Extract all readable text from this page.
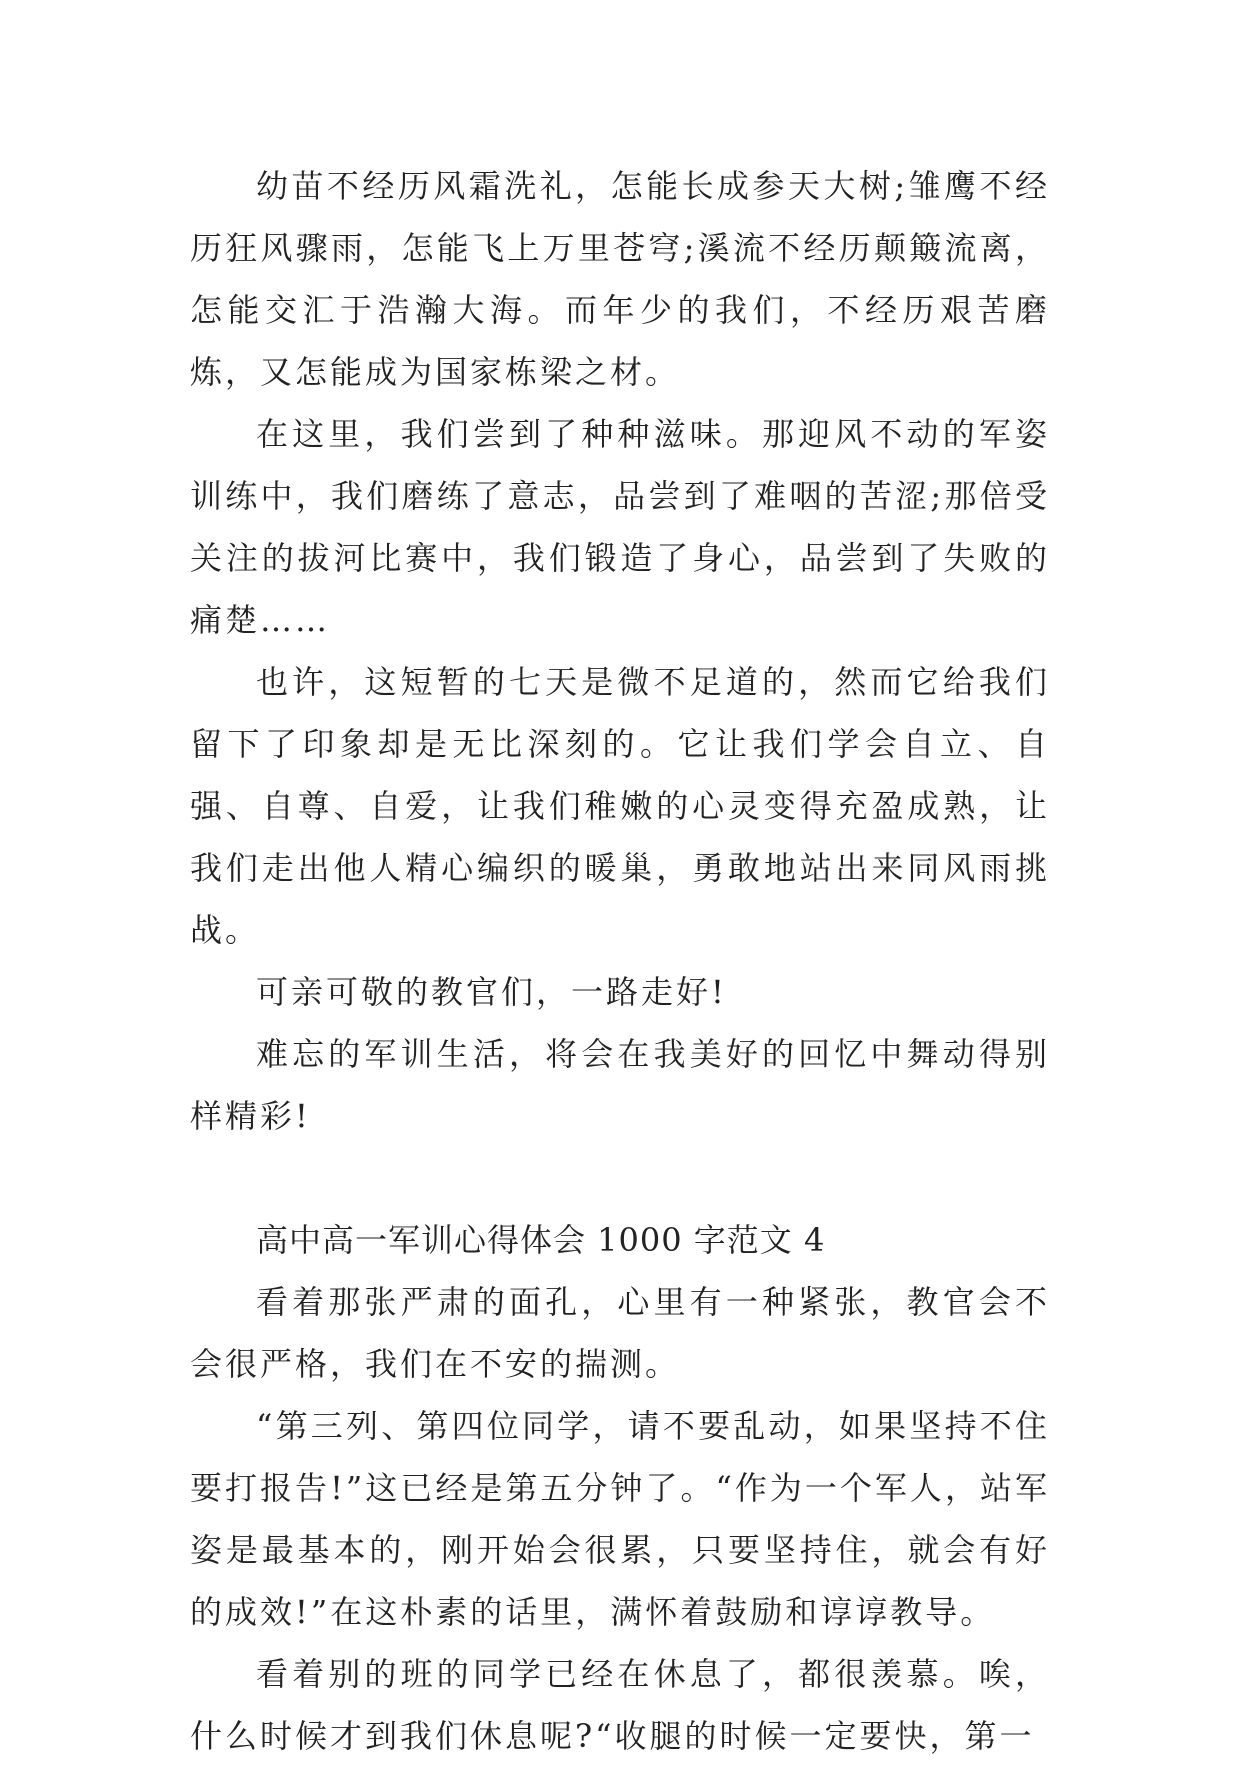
幼苗不经历风霜洗礼，怎能长成参天大树;雏鹰不经历狂风骤雨，怎能飞上万里苍穹;溪流不经历颠簸流离，怎能交汇于浩瀚大海。而年少的我们，不经历艰苦磨炼，又怎能成为国家栋梁之材。

在这里，我们尝到了种种滋味。那迎风不动的军姿训练中，我们磨练了意志，品尝到了难咽的苦涩;那倍受关注的拔河比赛中，我们锻造了身心，品尝到了失败的痛楚……

也许，这短暂的七天是微不足道的，然而它给我们留下了印象却是无比深刻的。它让我们学会自立、自强、自尊、自爱，让我们稚嫩的心灵变得充盈成熟，让我们走出他人精心编织的暖巢，勇敢地站出来同风雨挑战。

可亲可敬的教官们，一路走好!

难忘的军训生活，将会在我美好的回忆中舞动得别样精彩!

高中高一军训心得体会 1000 字范文 4

看着那张严肃的面孔，心里有一种紧张，教官会不会很严格，我们在不安的揣测。

“第三列、第四位同学，请不要乱动，如果坚持不住要打报告!”这已经是第五分钟了。“作为一个军人，站军姿是最基本的，刚开始会很累，只要坚持住，就会有好的成效!”在这朴素的话里，满怀着鼓励和谆谆教导。

看着别的班的同学已经在休息了，都很羡慕。唉，什么时候才到我们休息呢?“收腿的时候一定要快，第一
